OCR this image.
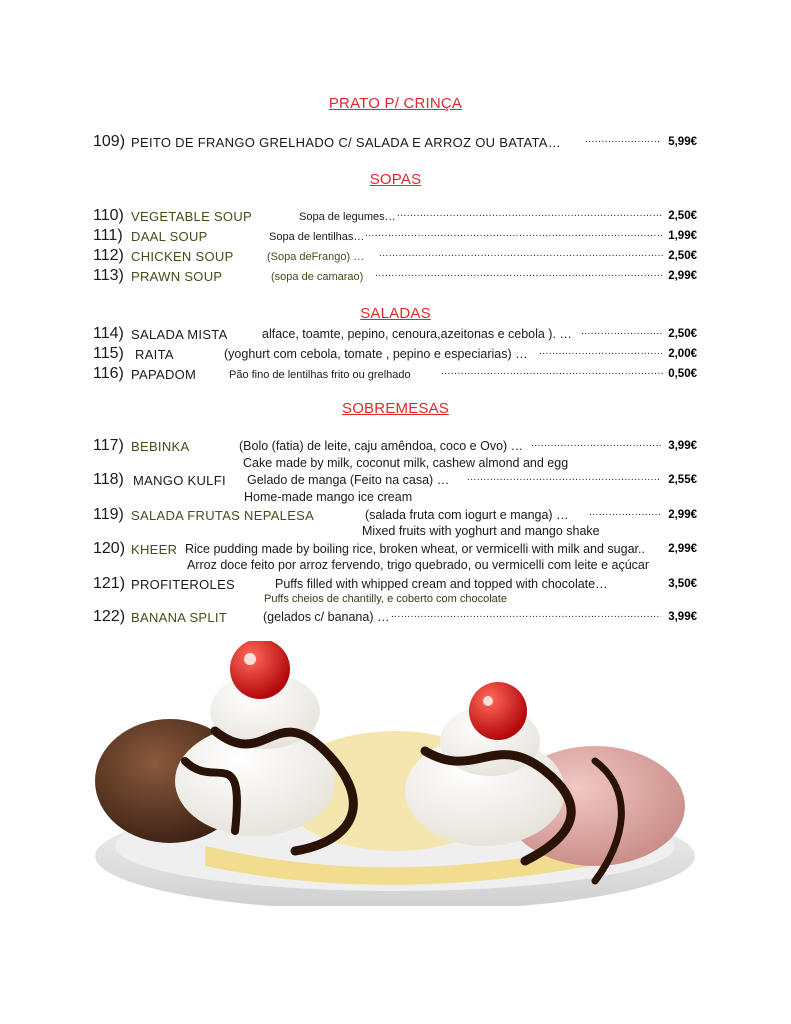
PRATO P/ CRINÇA
SOPAS
SALADAS
SOBREMESAS
109) PEITO DE FRANGO GRELHADO C/ SALADA E ARROZ OU BATATA… .....	5,99€
110) VEGETABLE SOUP	Sopa de legumes… .....	2,50€
111) DAAL SOUP	Sopa de lentilhas… .....	1,99€
112) CHICKEN SOUP	(Sopa deFrango) … .....	2,50€
113) PRAWN SOUP	(sopa de camarao) .....	2,99€
114) SALADA MISTA	alface, toamte, pepino, cenoura,azeitonas e cebola ). … .....	2,50€
115) RAITA	(yoghurt com cebola, tomate , pepino e especiarias) … .....	2,00€
116) PAPADOM	Pão fino de lentilhas frito ou grelhado .....	0,50€
117) BEBINKA	(Bolo (fatia) de leite, caju amêndoa, coco e Ovo) … .....	3,99€
Cake made by milk, coconut milk, cashew almond and egg
118) MANGO KULFI Gelado de manga (Feito na casa) … .....	2,55€
Home-made mango ice cream
119) SALADA FRUTAS NEPALESA	(salada fruta com iogurt e manga) … .....	2,99€
Mixed fruits with yoghurt and mango shake
120) KHEER Rice pudding made by boiling rice, broken wheat, or vermicelli with milk and sugar.. 2,99€
Arroz doce feito por arroz fervendo, trigo quebrado, ou vermicelli com leite e açúcar
121) PROFITEROLES	Puffs filled with whipped cream and topped with chocolate…	3,50€
Puffs cheios de chantilly, e coberto com chocolate
122) BANANA SPLIT	(gelados c/ banana) … .....	3,99€
